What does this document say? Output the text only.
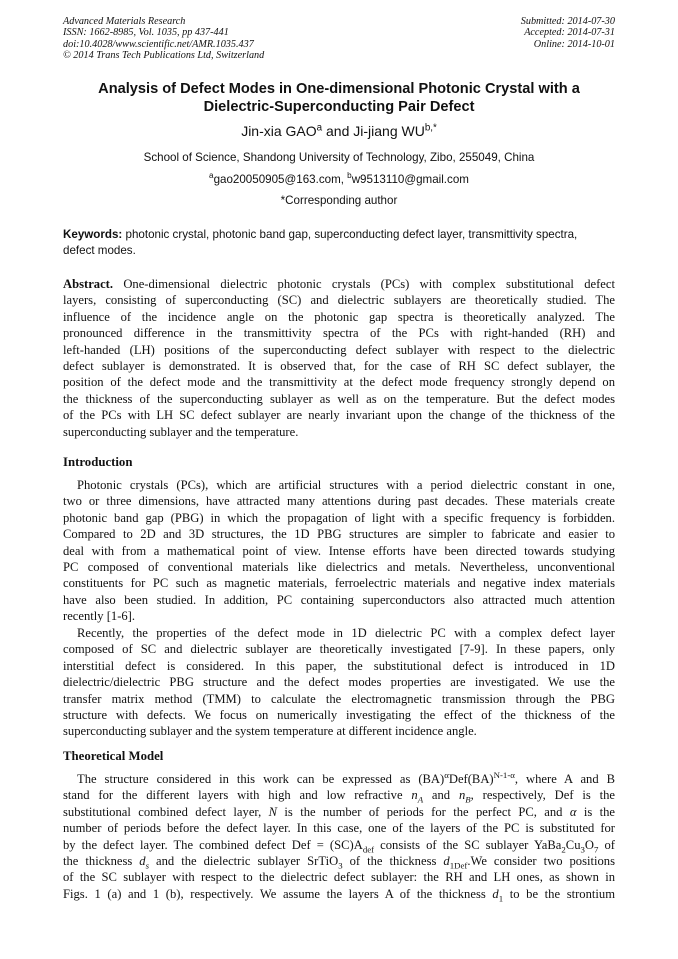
Advanced Materials Research
ISSN: 1662-8985, Vol. 1035, pp 437-441
doi:10.4028/www.scientific.net/AMR.1035.437
© 2014 Trans Tech Publications Ltd, Switzerland
Submitted: 2014-07-30
Accepted: 2014-07-31
Online: 2014-10-01
Analysis of Defect Modes in One-dimensional Photonic Crystal with a
Dielectric-Superconducting Pair Defect
Jin-xia GAO$^a$ and Ji-jiang $WU^{b,*}$
School of Science, Shandong University of Technology, Zibo, 255049, China
$^a$gao20050905@163.com, $^b$w9513110@gmail.com
*Corresponding author
Keywords: photonic crystal, photonic band gap, superconducting defect layer, transmittivity spectra,
defect modes.
Abstract. One-dimensional dielectric photonic crystals (PCs) with complex substitutional defect
layers, consisting of superconducting (SC) and dielectric sublayers are theoretically studied. The
influence of the incidence angle on the photonic gap spectra is theoretically analyzed. The
pronounced difference in the transmittivity spectra of the PCs with right-handed (RH) and
left-handed (LH) positions of the superconducting defect sublayer with respect to the dielectric
defect sublayer is demonstrated. It is observed that, for the case of RH SC defect sublayer, the
position of the defect mode and the transmittivity at the defect mode frequency strongly depend on
the thickness of the superconducting sublayer as well as on the temperature. But the defect modes
of the PCs with LH SC defect sublayer are nearly invariant upon the change of the thickness of the
superconducting sublayer and the temperature.
Introduction
Photonic crystals (PCs), which are artificial structures with a period dielectric constant in one,
two or three dimensions, have attracted many attentions during past decades. These materials create
photonic band gap (PBG) in which the propagation of light with a specific frequency is forbidden.
Compared to 2D and 3D structures, the 1D PBG structures are simpler to fabricate and easier to
deal with from a mathematical point of view. Intense efforts have been directed towards studying
PC composed of conventional materials like dielectrics and metals. Nevertheless, unconventional
constituents for PC such as magnetic materials, ferroelectric materials and negative index materials
have also been studied. In addition, PC containing superconductors also attracted much attention
recently [1-6].
Recently, the properties of the defect mode in 1D dielectric PC with a complex defect layer
composed of SC and dielectric sublayer are theoretically investigated [7-9]. In these papers, only
interstitial defect is considered. In this paper, the substitutional defect is introduced in 1D
dielectric/dielectric PBG structure and the defect modes properties are investigated. We use the
transfer matrix method (TMM) to calculate the electromagnetic transmission through the PBG
structure with defects. We focus on numerically investigating the effect of the thickness of the
superconducting sublayer and the system temperature at different incidence angle.
Theoretical Model
The structure considered in this work can be expressed as (BA)$^\alpha$Def(BA)$^{N-1-\alpha}$, where A and B
stand for the different layers with high and low refractive $n_A$ and $n_B$, respectively, Def is the
substitutional combined defect layer, N is the number of periods for the perfect PC, and α is the
number of periods before the defect layer. In this case, one of the layers of the PC is substituted for
by the defect layer. The combined defect Def = $(SC)A_{def}$ consists of the SC sublayer $YaBa_2Cu_3O_7$ of
the thickness $d_s$ and the dielectric sublayer SrTiO$_3$ of the thickness $d_{1Def}.We$ consider two positions
of the SC sublayer with respect to the dielectric defect sublayer: the RH and LH ones, as shown in
Figs. 1 (a) and 1 (b), respectively. We assume the layers A of the thickness $d_1$ to be the strontium
